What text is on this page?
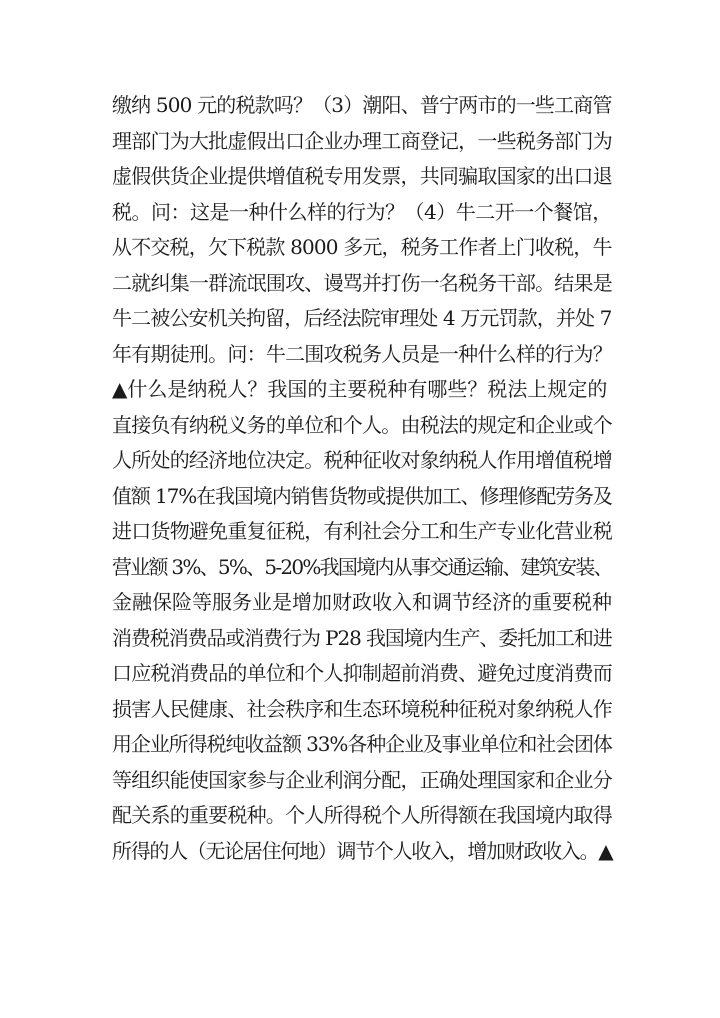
缴纳 500 元的税款吗？（3）潮阳、普宁两市的一些工商管
理部门为大批虚假出口企业办理工商登记，一些税务部门为
虚假供货企业提供增值税专用发票，共同骗取国家的出口退
税。问：这是一种什么样的行为？（4）牛二开一个餐馆，
从不交税，欠下税款 8000 多元，税务工作者上门收税，牛
二就纠集一群流氓围攻、谩骂并打伤一名税务干部。结果是
牛二被公安机关拘留，后经法院审理处 4 万元罚款，并处 7
年有期徒刑。问：牛二围攻税务人员是一种什么样的行为？
▲什么是纳税人？我国的主要税种有哪些？税法上规定的
直接负有纳税义务的单位和个人。由税法的规定和企业或个
人所处的经济地位决定。税种征收对象纳税人作用增值税增
值额 17%在我国境内销售货物或提供加工、修理修配劳务及
进口货物避免重复征税，有利社会分工和生产专业化营业税
营业额 3%、5%、5-20%我国境内从事交通运输、建筑安装、
金融保险等服务业是增加财政收入和调节经济的重要税种
消费税消费品或消费行为 P28 我国境内生产、委托加工和进
口应税消费品的单位和个人抑制超前消费、避免过度消费而
损害人民健康、社会秩序和生态环境税种征税对象纳税人作
用企业所得税纯收益额 33%各种企业及事业单位和社会团体
等组织能使国家参与企业利润分配，正确处理国家和企业分
配关系的重要税种。个人所得税个人所得额在我国境内取得
所得的人（无论居住何地）调节个人收入，增加财政收入。▲
